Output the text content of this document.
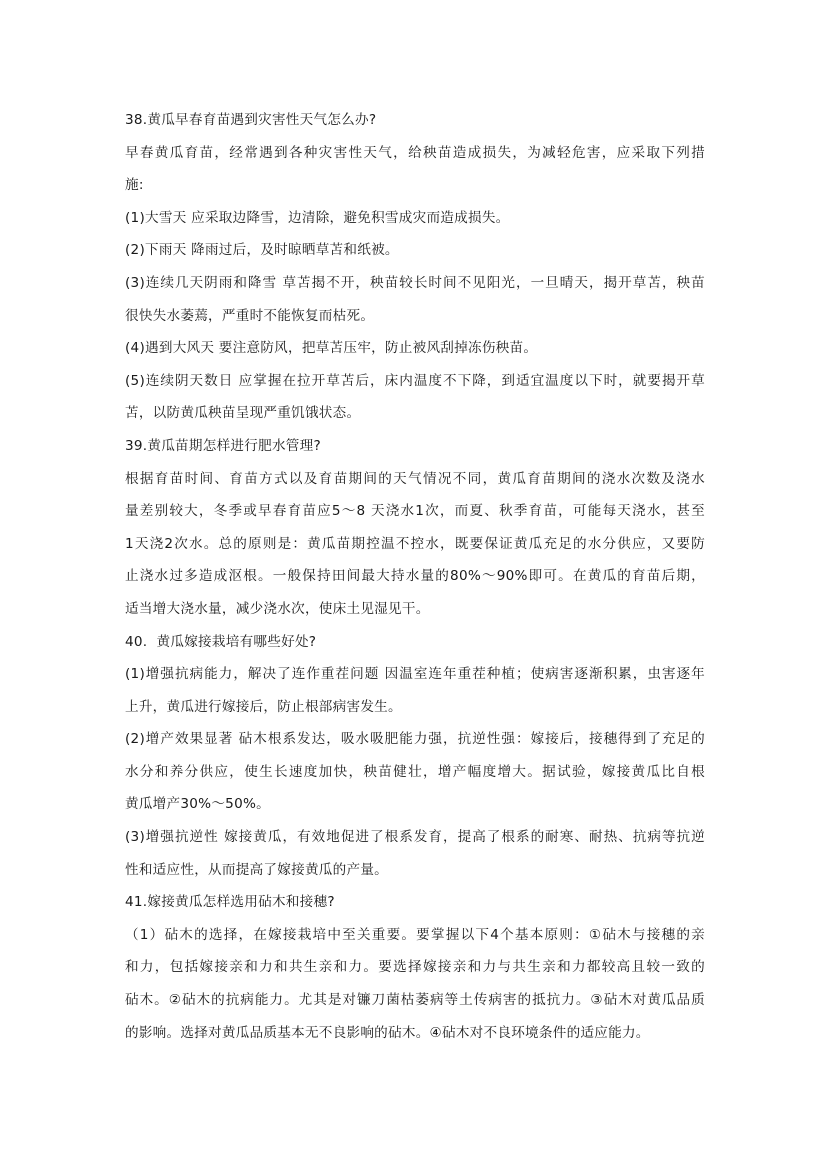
38.黄瓜早春育苗遇到灾害性天气怎么办?

早春黄瓜育苗，经常遇到各种灾害性天气，给秧苗造成损失，为减轻危害，应采取下列措

施:

(1)大雪天 应采取边降雪，边清除，避免积雪成灾而造成损失。

(2)下雨天 降雨过后，及时晾晒草苫和纸被。

(3)连续几天阴雨和降雪 草苫揭不开，秧苗较长时间不见阳光，一旦晴天，揭开草苫，秧苗

很快失水萎蔫，严重时不能恢复而枯死。

(4)遇到大风天 要注意防风，把草苫压牢，防止被风刮掉冻伤秧苗。

(5)连续阴天数日 应掌握在拉开草苫后，床内温度不下降，到适宜温度以下时，就要揭开草

苫，以防黄瓜秧苗呈现严重饥饿状态。

39.黄瓜苗期怎样进行肥水管理?

根据育苗时间、育苗方式以及育苗期间的天气情况不同，黄瓜育苗期间的浇水次数及浇水

量差别较大，冬季或早春育苗应5～8 天浇水1次，而夏、秋季育苗，可能每天浇水，甚至

1天浇2次水。总的原则是：黄瓜苗期控温不控水，既要保证黄瓜充足的水分供应，又要防

止浇水过多造成沤根。一般保持田间最大持水量的80%～90%即可。在黄瓜的育苗后期，

适当增大浇水量，减少浇水次，使床土见湿见干。

40.  黄瓜嫁接栽培有哪些好处?

(1)增强抗病能力，解决了连作重茬问题 因温室连年重茬种植；使病害逐渐积累，虫害逐年

上升，黄瓜进行嫁接后，防止根部病害发生。

(2)增产效果显著 砧木根系发达，吸水吸肥能力强，抗逆性强：嫁接后，接穗得到了充足的

水分和养分供应，使生长速度加快，秧苗健壮，增产幅度增大。据试验，嫁接黄瓜比自根

黄瓜增产30%～50%。

(3)增强抗逆性 嫁接黄瓜，有效地促进了根系发育，提高了根系的耐寒、耐热、抗病等抗逆

性和适应性，从而提高了嫁接黄瓜的产量。

41.嫁接黄瓜怎样选用砧木和接穗?

（1）砧木的选择，在嫁接栽培中至关重要。要掌握以下4个基本原则：①砧木与接穗的亲

和力，包括嫁接亲和力和共生亲和力。要选择嫁接亲和力与共生亲和力都较高且较一致的

砧木。②砧木的抗病能力。尤其是对镰刀菌枯萎病等土传病害的抵抗力。③砧木对黄瓜品质

的影响。选择对黄瓜品质基本无不良影响的砧木。④砧木对不良环境条件的适应能力。
